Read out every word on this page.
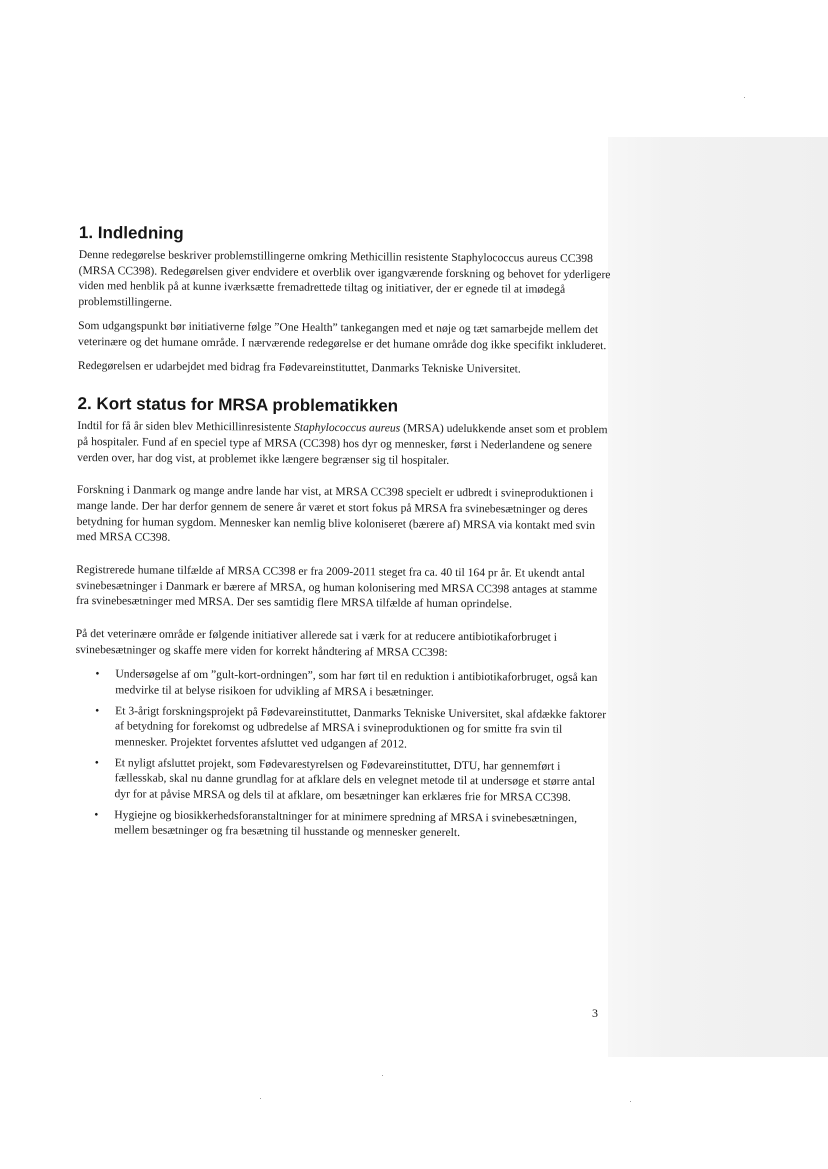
1. Indledning

Denne redegørelse beskriver problemstillingerne omkring Methicillin resistente Staphylococcus aureus CC398 (MRSA CC398). Redegørelsen giver endvidere et overblik over igangværende forskning og behovet for yderligere viden med henblik på at kunne iværksætte fremadrettede tiltag og initiativer, der er egnede til at imødegå problemstillingerne.

Som udgangspunkt bør initiativerne følge ”One Health” tankegangen med et nøje og tæt samarbejde mellem det veterinære og det humane område. I nærværende redegørelse er det humane område dog ikke specifikt inkluderet.

Redegørelsen er udarbejdet med bidrag fra Fødevareinstituttet, Danmarks Tekniske Universitet.

2. Kort status for MRSA problematikken

Indtil for få år siden blev Methicillinresistente Staphylococcus aureus (MRSA) udelukkende anset som et problem på hospitaler. Fund af en speciel type af MRSA (CC398) hos dyr og mennesker, først i Nederlandene og senere verden over, har dog vist, at problemet ikke længere begrænser sig til hospitaler.

Forskning i Danmark og mange andre lande har vist, at MRSA CC398 specielt er udbredt i svineproduktionen i mange lande. Der har derfor gennem de senere år været et stort fokus på MRSA fra svinebesætninger og deres betydning for human sygdom. Mennesker kan nemlig blive koloniseret (bærere af) MRSA via kontakt med svin med MRSA CC398.

Registrerede humane tilfælde af MRSA CC398 er fra 2009-2011 steget fra ca. 40 til 164 pr år. Et ukendt antal svinebesætninger i Danmark er bærere af MRSA, og human kolonisering med MRSA CC398 antages at stamme fra svinebesætninger med MRSA. Der ses samtidig flere MRSA tilfælde af human oprindelse.

På det veterinære område er følgende initiativer allerede sat i værk for at reducere antibiotikaforbruget i svinebesætninger og skaffe mere viden for korrekt håndtering af MRSA CC398:

• Undersøgelse af om ”gult-kort-ordningen”, som har ført til en reduktion i antibiotikaforbruget, også kan medvirke til at belyse risikoen for udvikling af MRSA i besætninger.
• Et 3-årigt forskningsprojekt på Fødevareinstituttet, Danmarks Tekniske Universitet, skal afdække faktorer af betydning for forekomst og udbredelse af MRSA i svineproduktionen og for smitte fra svin til mennesker. Projektet forventes afsluttet ved udgangen af 2012.
• Et nyligt afsluttet projekt, som Fødevarestyrelsen og Fødevareinstituttet, DTU, har gennemført i fællesskab, skal nu danne grundlag for at afklare dels en velegnet metode til at undersøge et større antal dyr for at påvise MRSA og dels til at afklare, om besætninger kan erklæres frie for MRSA CC398.
• Hygiejne og biosikkerhedsforanstaltninger for at minimere spredning af MRSA i svinebesætningen, mellem besætninger og fra besætning til husstande og mennesker generelt.
3
